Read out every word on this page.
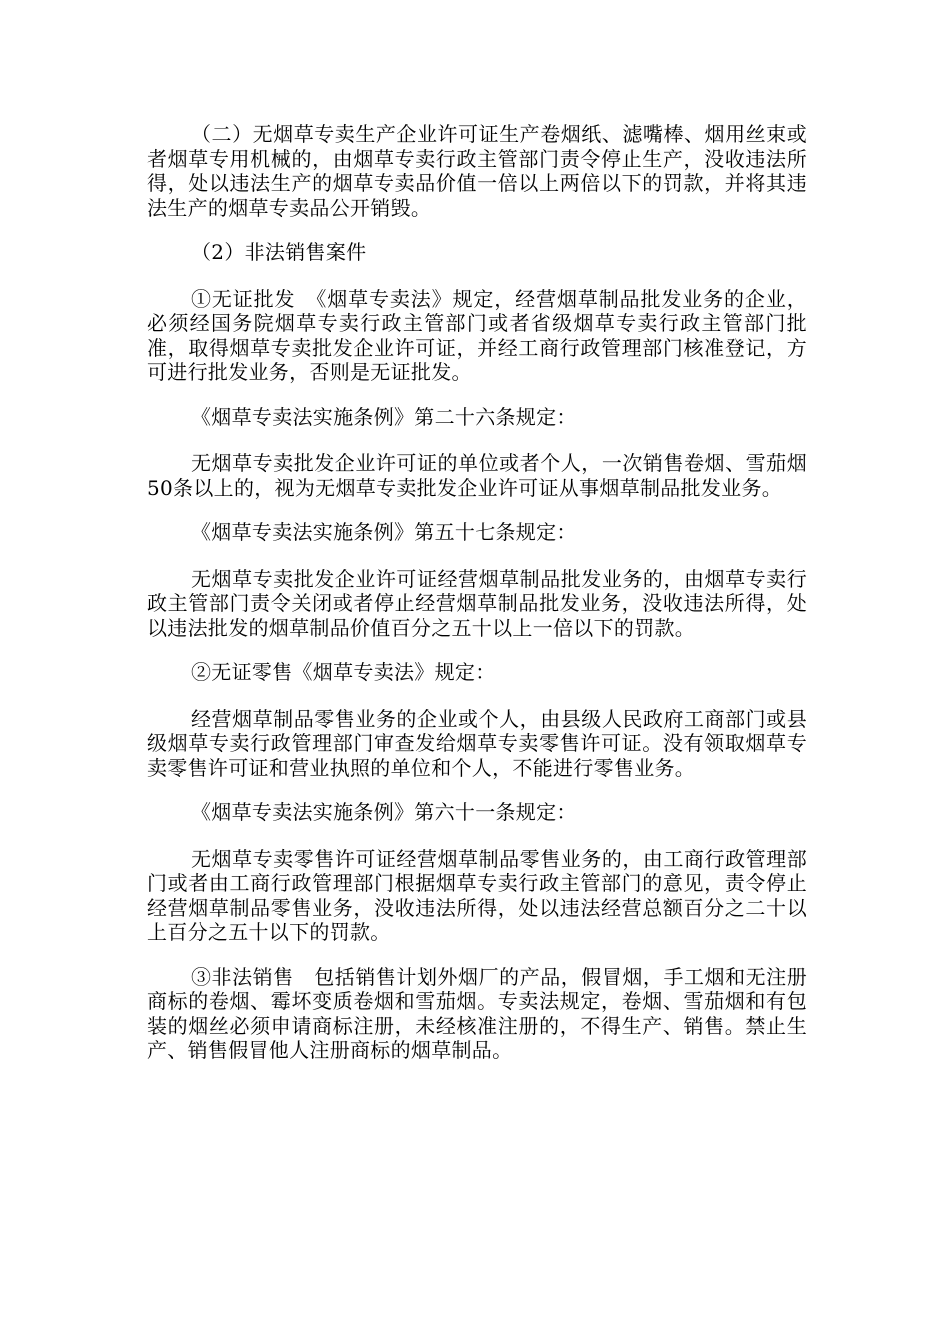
（二）无烟草专卖生产企业许可证生产卷烟纸、滤嘴棒、烟用丝束或者烟草专用机械的，由烟草专卖行政主管部门责令停止生产，没收违法所得，处以违法生产的烟草专卖品价值一倍以上两倍以下的罚款，并将其违法生产的烟草专卖品公开销毁。

（2）非法销售案件

①无证批发　《烟草专卖法》规定，经营烟草制品批发业务的企业，必须经国务院烟草专卖行政主管部门或者省级烟草专卖行政主管部门批准，取得烟草专卖批发企业许可证，并经工商行政管理部门核准登记，方可进行批发业务，否则是无证批发。

《烟草专卖法实施条例》第二十六条规定：

无烟草专卖批发企业许可证的单位或者个人，一次销售卷烟、雪茄烟50条以上的，视为无烟草专卖批发企业许可证从事烟草制品批发业务。

《烟草专卖法实施条例》第五十七条规定：

无烟草专卖批发企业许可证经营烟草制品批发业务的，由烟草专卖行政主管部门责令关闭或者停止经营烟草制品批发业务，没收违法所得，处以违法批发的烟草制品价值百分之五十以上一倍以下的罚款。

②无证零售《烟草专卖法》规定：

经营烟草制品零售业务的企业或个人，由县级人民政府工商部门或县级烟草专卖行政管理部门审查发给烟草专卖零售许可证。没有领取烟草专卖零售许可证和营业执照的单位和个人，不能进行零售业务。

《烟草专卖法实施条例》第六十一条规定：

无烟草专卖零售许可证经营烟草制品零售业务的，由工商行政管理部门或者由工商行政管理部门根据烟草专卖行政主管部门的意见，责令停止经营烟草制品零售业务，没收违法所得，处以违法经营总额百分之二十以上百分之五十以下的罚款。

③非法销售　包括销售计划外烟厂的产品，假冒烟，手工烟和无注册商标的卷烟、霉坏变质卷烟和雪茄烟。专卖法规定，卷烟、雪茄烟和有包装的烟丝必须申请商标注册，未经核准注册的，不得生产、销售。禁止生产、销售假冒他人注册商标的烟草制品。
